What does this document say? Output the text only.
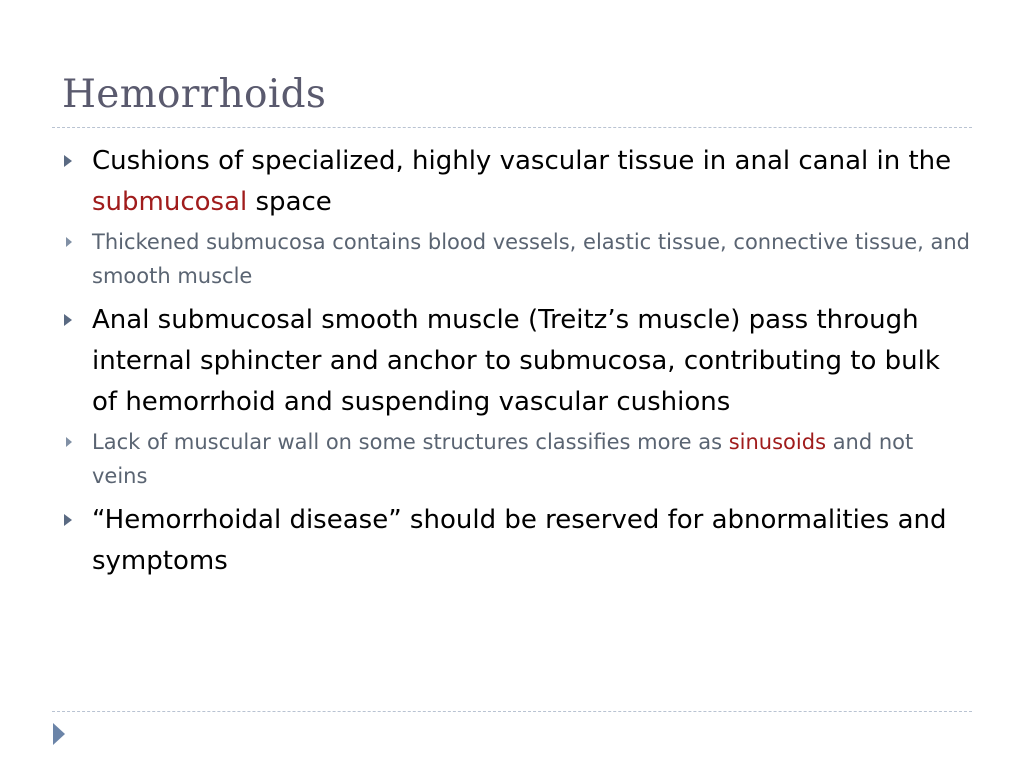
Hemorrhoids
Cushions of specialized, highly vascular tissue in anal canal in the submucosal space
Thickened submucosa contains blood vessels, elastic tissue, connective tissue, and smooth muscle
Anal submucosal smooth muscle (Treitz’s muscle) pass through internal sphincter and anchor to submucosa, contributing to bulk of hemorrhoid and suspending vascular cushions
Lack of muscular wall on some structures classifies more as sinusoids and not veins
“Hemorrhoidal disease” should be reserved for abnormalities and symptoms
